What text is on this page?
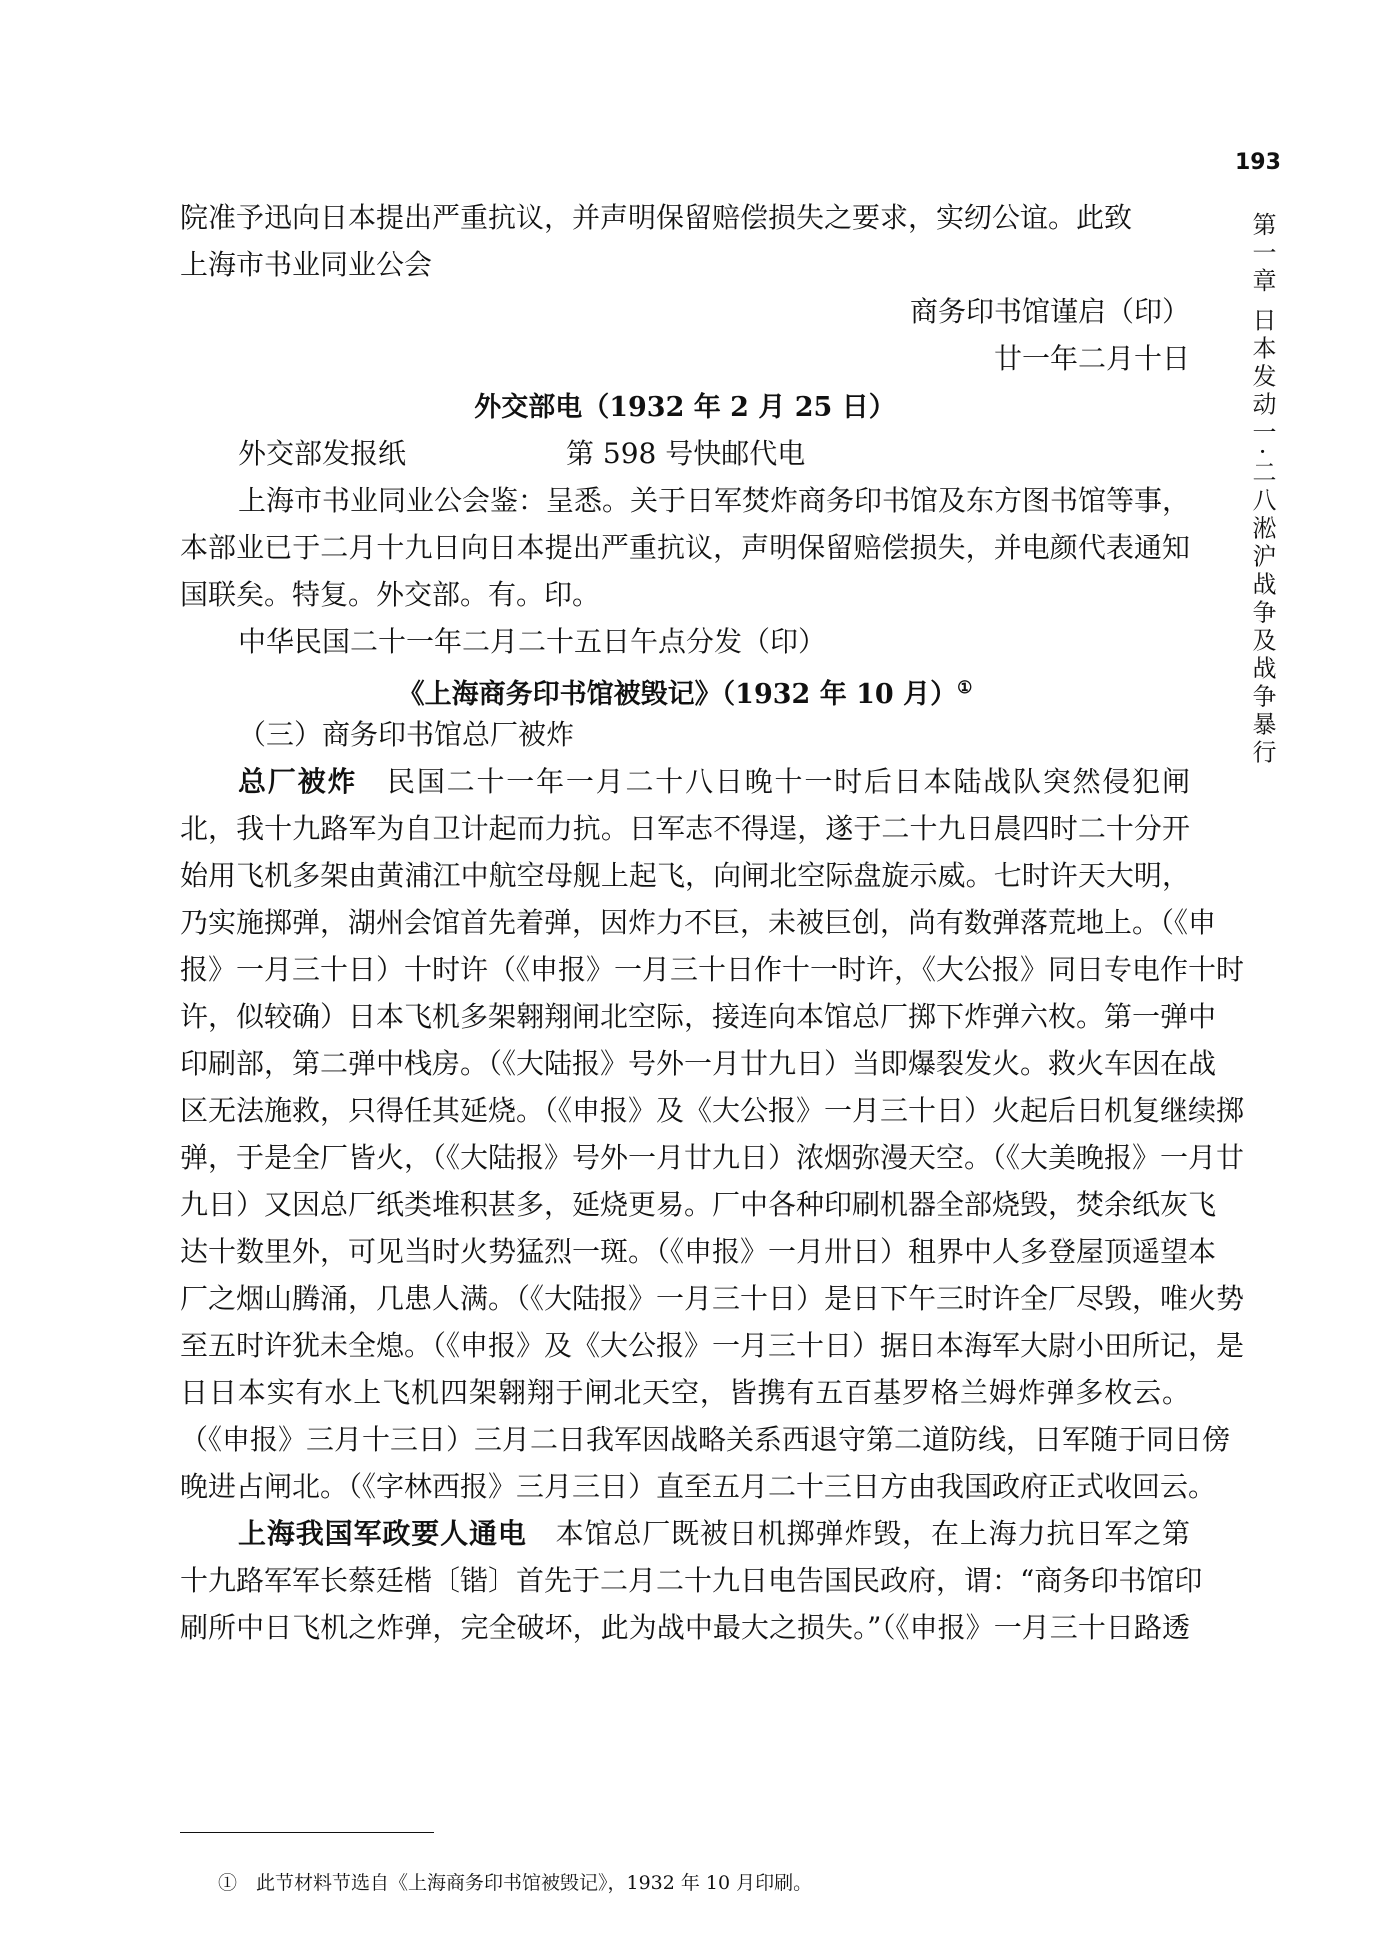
193
第一章 日本发动一·二八淞沪战争及战争暴行
院准予迅向日本提出严重抗议，并声明保留赔偿损失之要求，实纫公谊。此致
上海市书业同业公会
商务印书馆谨启（印）
廿一年二月十日
外交部电（1932 年 2 月 25 日）
外交部发报纸	第 598 号快邮代电
上海市书业同业公会鉴：呈悉。关于日军焚炸商务印书馆及东方图书馆等事，
本部业已于二月十九日向日本提出严重抗议，声明保留赔偿损失，并电颜代表通知
国联矣。特复。外交部。有。印。
中华民国二十一年二月二十五日午点分发（印）
《上海商务印书馆被毁记》（1932 年 10 月）①
（三）商务印书馆总厂被炸
总厂被炸　 民国二十一年一月二十八日晚十一时后日本陆战队突然侵犯闸
北，我十九路军为自卫计起而力抗。日军志不得逞，遂于二十九日晨四时二十分开
始用飞机多架由黄浦江中航空母舰上起飞，向闸北空际盘旋示威。七时许天大明，
乃实施掷弹，湖州会馆首先着弹，因炸力不巨，未被巨创，尚有数弹落荒地上。（《申
报》一月三十日）十时许（《申报》一月三十日作十一时许，《大公报》同日专电作十时
许，似较确）日本飞机多架翱翔闸北空际，接连向本馆总厂掷下炸弹六枚。第一弹中
印刷部，第二弹中栈房。（《大陆报》号外一月廿九日）当即爆裂发火。救火车因在战
区无法施救，只得任其延烧。（《申报》及《大公报》一月三十日）火起后日机复继续掷
弹，于是全厂皆火，（《大陆报》号外一月廿九日）浓烟弥漫天空。（《大美晚报》一月廿
九日）又因总厂纸类堆积甚多，延烧更易。厂中各种印刷机器全部烧毁，焚余纸灰飞
达十数里外，可见当时火势猛烈一斑。（《申报》一月卅日）租界中人多登屋顶遥望本
厂之烟山腾涌，几患人满。（《大陆报》一月三十日）是日下午三时许全厂尽毁，唯火势
至五时许犹未全熄。（《申报》及《大公报》一月三十日）据日本海军大尉小田所记，是
日日本实有水上飞机四架翱翔于闸北天空，皆携有五百基罗格兰姆炸弹多枚云。
（《申报》三月十三日）三月二日我军因战略关系西退守第二道防线，日军随于同日傍
晚进占闸北。（《字林西报》三月三日）直至五月二十三日方由我国政府正式收回云。
上海我国军政要人通电　 本馆总厂既被日机掷弹炸毁，在上海力抗日军之第
十九路军军长蔡廷楷〔锴〕首先于二月二十九日电告国民政府，谓：“商务印书馆印
刷所中日飞机之炸弹，完全破坏，此为战中最大之损失。”（《申报》一月三十日路透
①　此节材料节选自《上海商务印书馆被毁记》，1932 年 10 月印刷。
